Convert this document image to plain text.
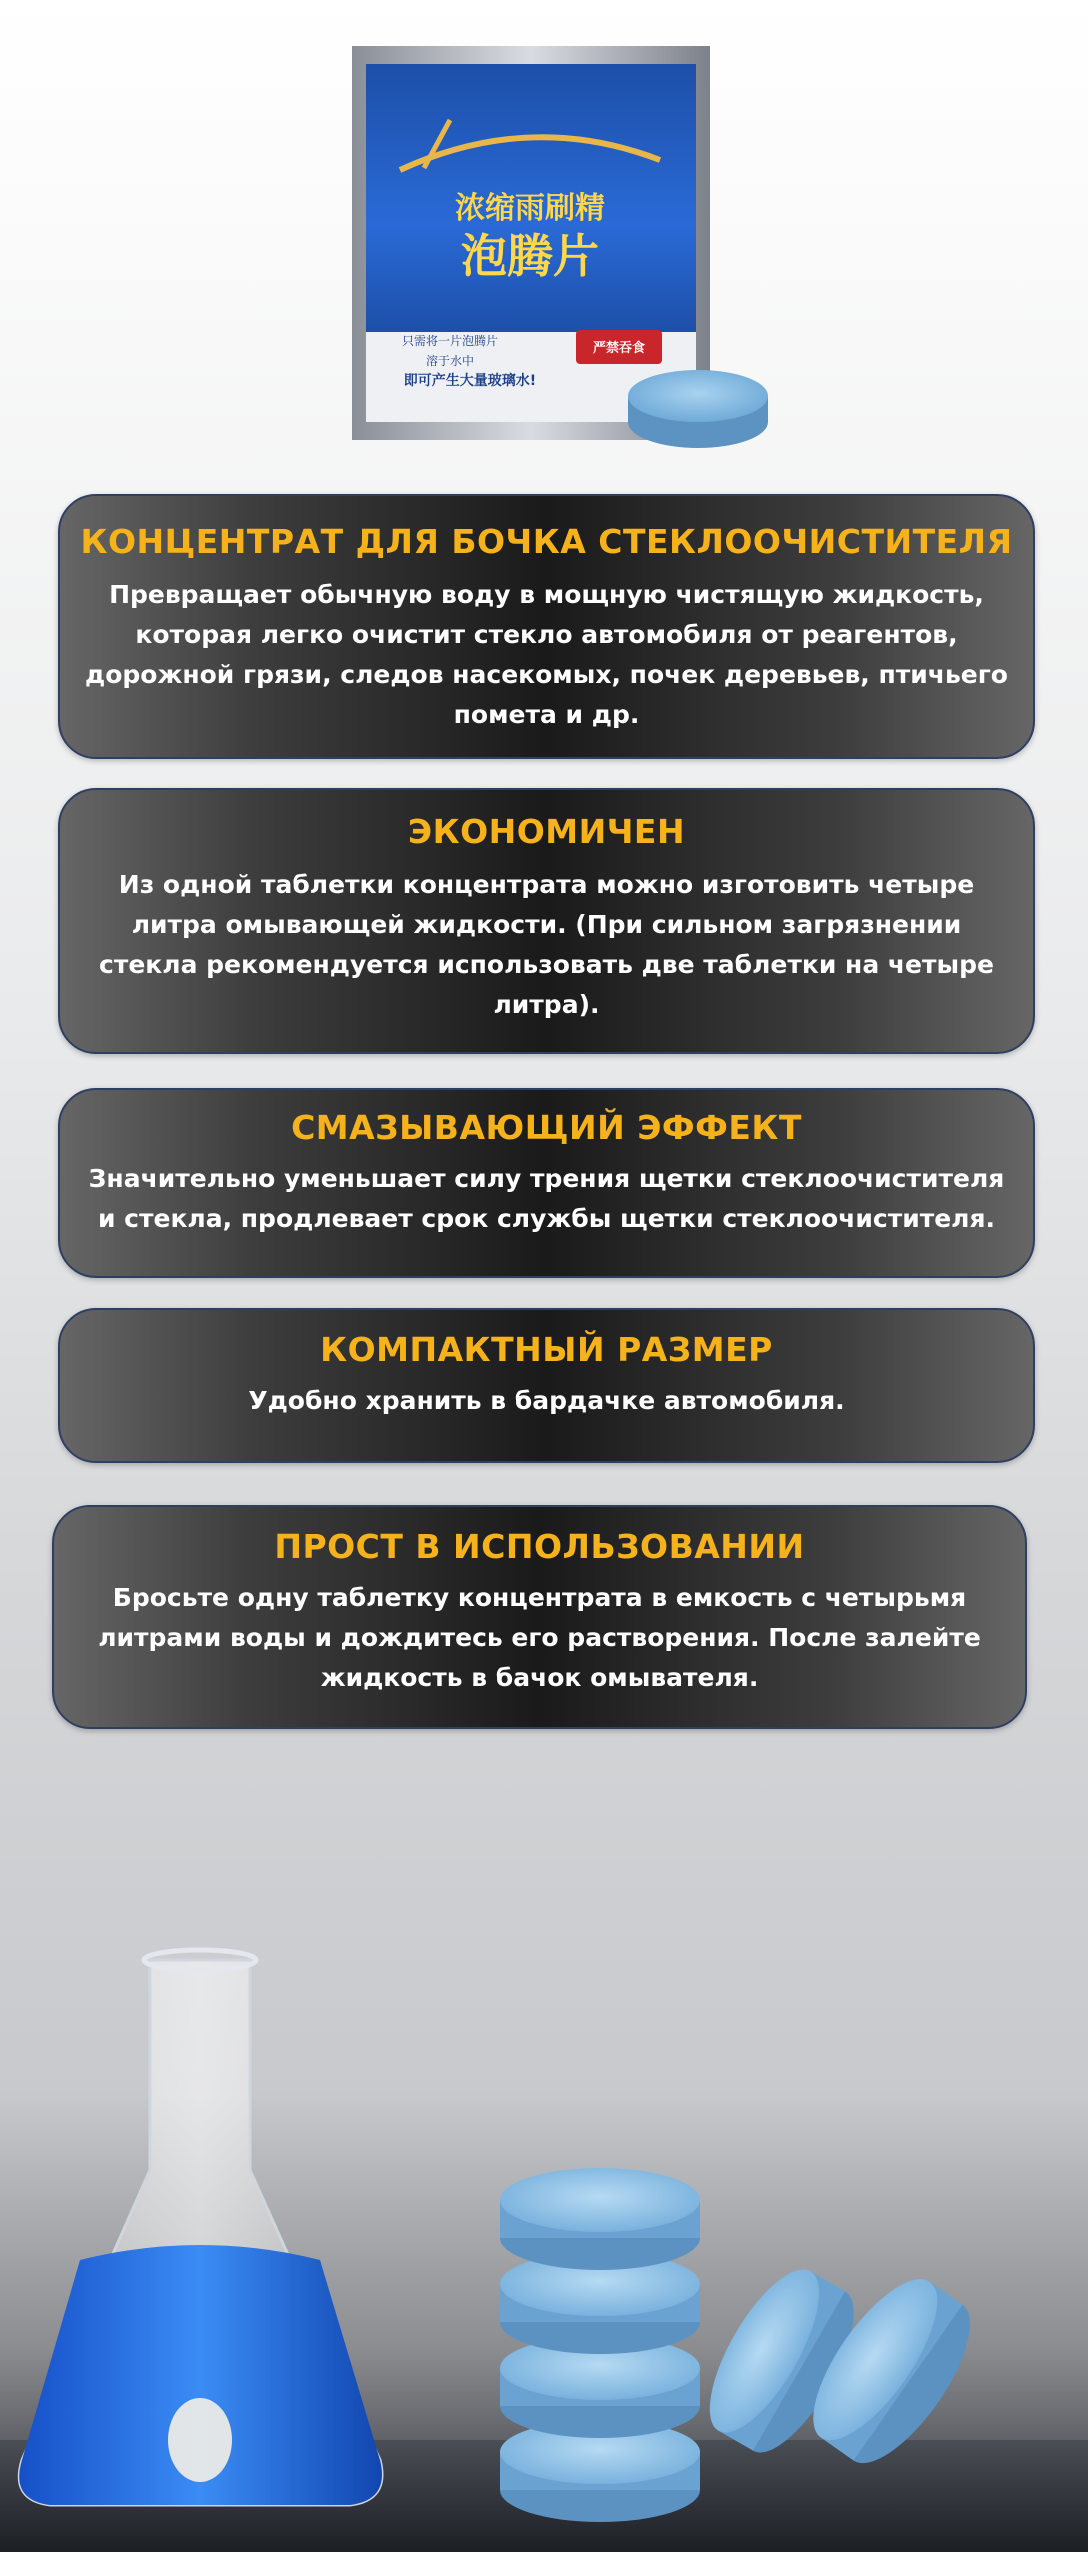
浓缩雨刷精
泡腾片
只需将一片泡腾片
溶于水中
即可产生大量玻璃水!
严禁吞食
КОНЦЕНТРАТ ДЛЯ БОЧКА СТЕКЛООЧИСТИТЕЛЯ
Превращает обычную воду в мощную чистящую жидкость,
которая легко очистит стекло автомобиля от реагентов,
дорожной грязи, следов насекомых, почек деревьев, птичьего
помета и др.
ЭКОНОМИЧЕН
Из одной таблетки концентрата можно изготовить четыре
литра омывающей жидкости. (При сильном загрязнении
стекла рекомендуется использовать две таблетки на четыре
литра).
СМАЗЫВАЮЩИЙ ЭФФЕКТ
Значительно уменьшает силу трения щетки стеклоочистителя
и стекла, продлевает срок службы щетки стеклоочистителя.
КОМПАКТНЫЙ РАЗМЕР
Удобно хранить в бардачке автомобиля.
ПРОСТ В ИСПОЛЬЗОВАНИИ
Бросьте одну таблетку концентрата в емкость с четырьмя
литрами воды и дождитесь его растворения. После залейте
жидкость в бачок омывателя.
